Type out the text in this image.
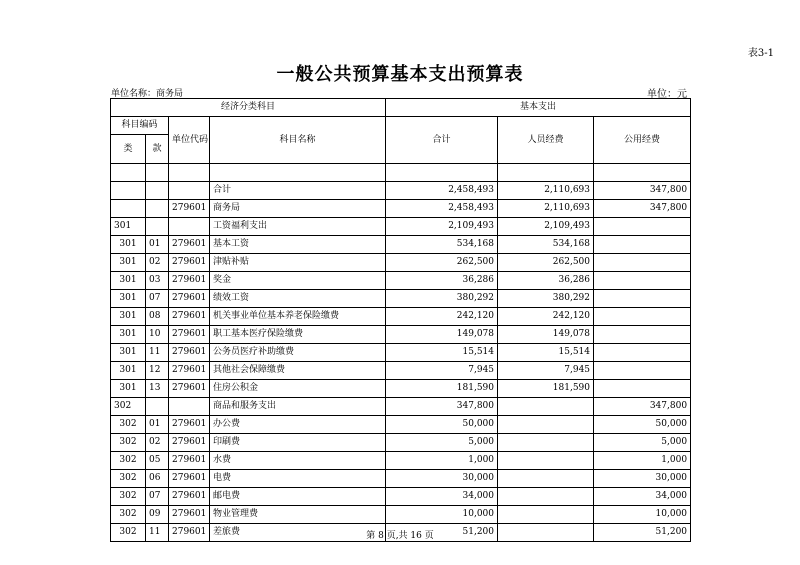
表3-1
一般公共预算基本支出预算表
单位名称：商务局	单位：元
经济分类科目				基本支出		
科目编码		单位代码	科目名称	合计	人员经费	公用经费
类	款					

			合计	2,458,493	2,110,693	347,800
		279601	商务局	2,458,493	2,110,693	347,800
301			工资福利支出	2,109,493	2,109,493	
301	01	279601	基本工资	534,168	534,168	
301	02	279601	津贴补贴	262,500	262,500	
301	03	279601	奖金	36,286	36,286	
301	07	279601	绩效工资	380,292	380,292	
301	08	279601	机关事业单位基本养老保险缴费	242,120	242,120	
301	10	279601	职工基本医疗保险缴费	149,078	149,078	
301	11	279601	公务员医疗补助缴费	15,514	15,514	
301	12	279601	其他社会保障缴费	7,945	7,945	
301	13	279601	住房公积金	181,590	181,590	
302			商品和服务支出	347,800		347,800
302	01	279601	办公费	50,000		50,000
302	02	279601	印刷费	5,000		5,000
302	05	279601	水费	1,000		1,000
302	06	279601	电费	30,000		30,000
302	07	279601	邮电费	34,000		34,000
302	09	279601	物业管理费	10,000		10,000
302	11	279601	差旅费	51,200		51,200
第 8 页,共 16 页
